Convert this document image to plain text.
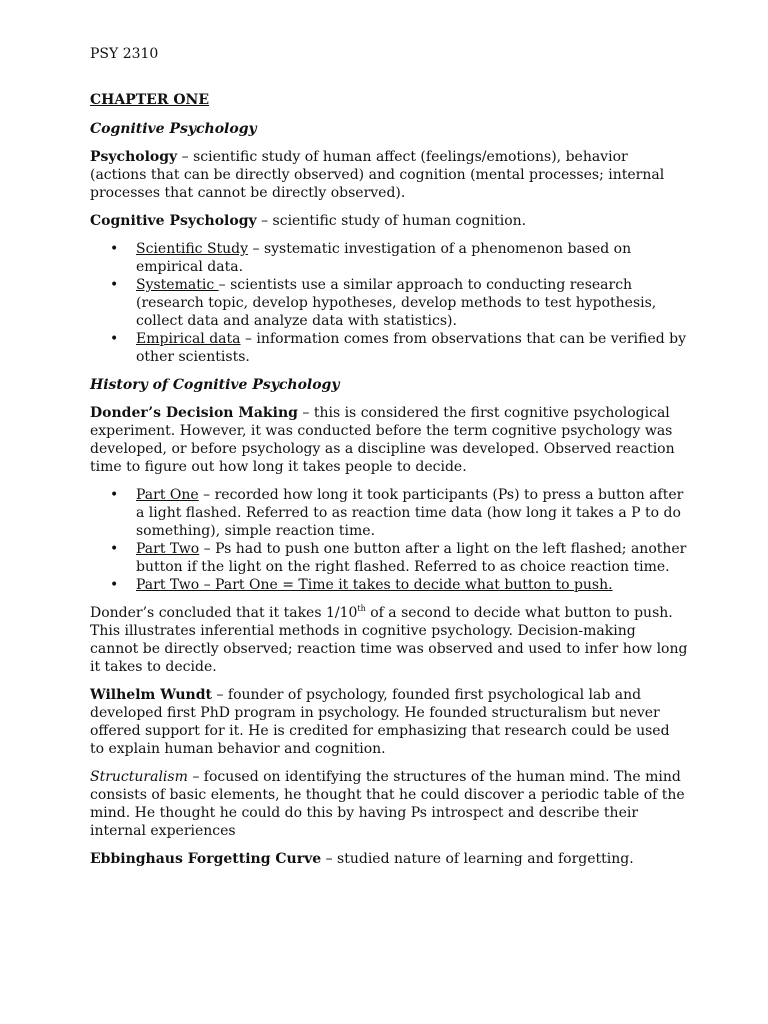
PSY 2310

CHAPTER ONE

Cognitive Psychology

Psychology – scientific study of human affect (feelings/emotions), behavior (actions that can be directly observed) and cognition (mental processes; internal processes that cannot be directly observed).

Cognitive Psychology – scientific study of human cognition.

• Scientific Study – systematic investigation of a phenomenon based on empirical data.
• Systematic – scientists use a similar approach to conducting research (research topic, develop hypotheses, develop methods to test hypothesis, collect data and analyze data with statistics).
• Empirical data – information comes from observations that can be verified by other scientists.

History of Cognitive Psychology

Donder’s Decision Making – this is considered the first cognitive psychological experiment. However, it was conducted before the term cognitive psychology was developed, or before psychology as a discipline was developed. Observed reaction time to figure out how long it takes people to decide.

• Part One – recorded how long it took participants (Ps) to press a button after a light flashed. Referred to as reaction time data (how long it takes a P to do something), simple reaction time.
• Part Two – Ps had to push one button after a light on the left flashed; another button if the light on the right flashed. Referred to as choice reaction time.
• Part Two – Part One = Time it takes to decide what button to push.

Donder’s concluded that it takes 1/10th of a second to decide what button to push. This illustrates inferential methods in cognitive psychology. Decision-making cannot be directly observed; reaction time was observed and used to infer how long it takes to decide.

Wilhelm Wundt – founder of psychology, founded first psychological lab and developed first PhD program in psychology. He founded structuralism but never offered support for it. He is credited for emphasizing that research could be used to explain human behavior and cognition.

Structuralism – focused on identifying the structures of the human mind. The mind consists of basic elements, he thought that he could discover a periodic table of the mind. He thought he could do this by having Ps introspect and describe their internal experiences

Ebbinghaus Forgetting Curve – studied nature of learning and forgetting.
